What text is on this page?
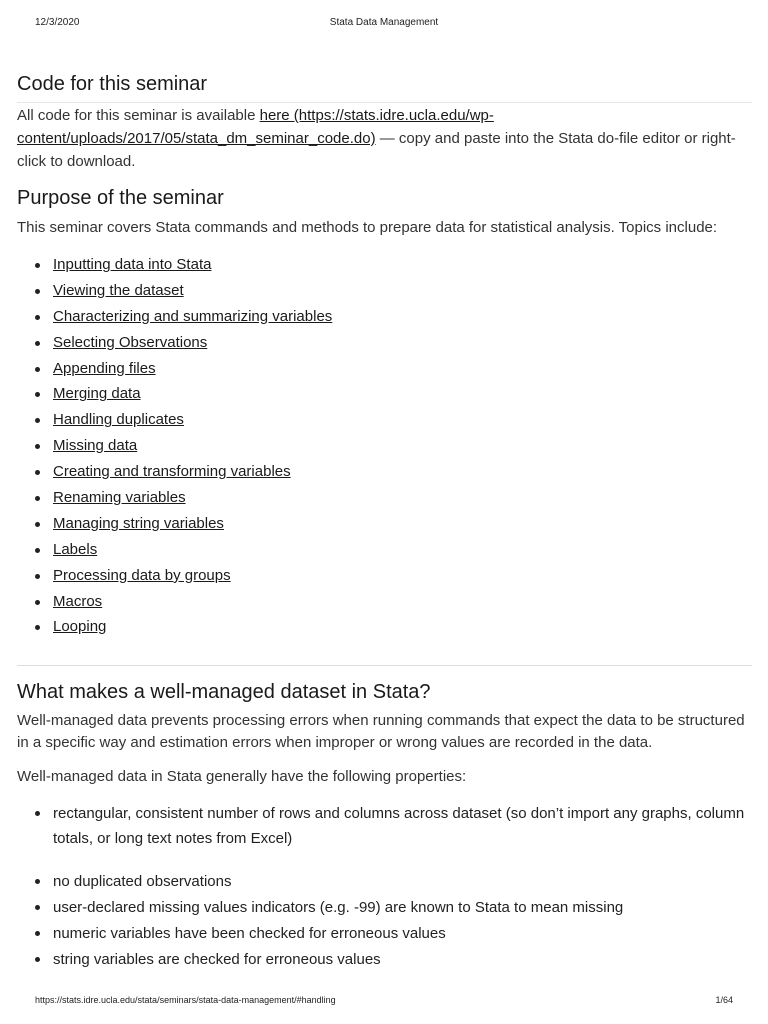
12/3/2020	Stata Data Management
Code for this seminar

All code for this seminar is available here (https://stats.idre.ucla.edu/wp-content/uploads/2017/05/stata_dm_seminar_code.do) — copy and paste into the Stata do-file editor or right-click to download.

Purpose of the seminar

This seminar covers Stata commands and methods to prepare data for statistical analysis. Topics include:

Inputting data into Stata
Viewing the dataset
Characterizing and summarizing variables
Selecting Observations
Appending files
Merging data
Handling duplicates
Missing data
Creating and transforming variables
Renaming variables
Managing string variables
Labels
Processing data by groups
Macros
Looping
What makes a well-managed dataset in Stata?

Well-managed data prevents processing errors when running commands that expect the data to be structured in a specific way and estimation errors when improper or wrong values are recorded in the data.

Well-managed data in Stata generally have the following properties:

rectangular, consistent number of rows and columns across dataset (so don’t import any graphs, column totals, or long text notes from Excel)
no duplicated observations
user-declared missing values indicators (e.g. -99) are known to Stata to mean missing
numeric variables have been checked for erroneous values
string variables are checked for erroneous values
https://stats.idre.ucla.edu/stata/seminars/stata-data-management/#handling	1/64
